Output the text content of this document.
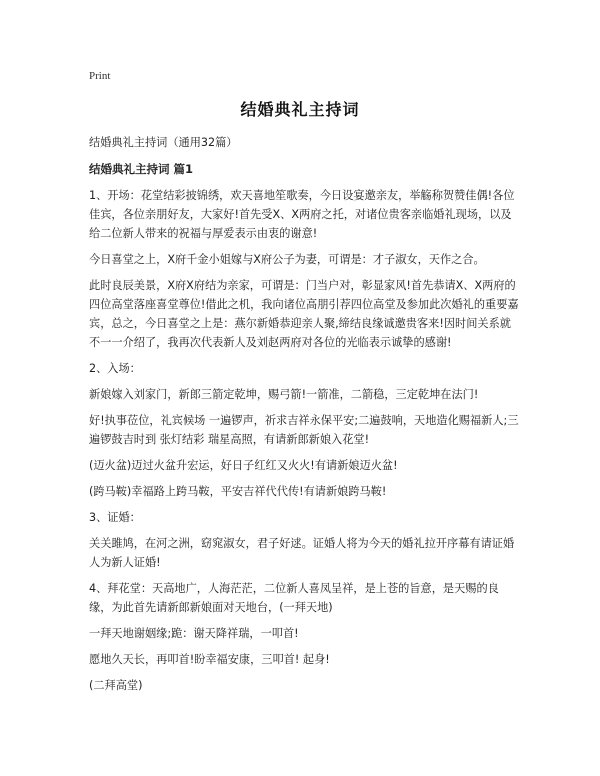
Print
结婚典礼主持词

结婚典礼主持词（通用32篇）

结婚典礼主持词 篇1

1、开场：花堂结彩披锦绣，欢天喜地笙歌奏，今日设宴邀亲友，举觞称贺赞佳偶!各位佳宾，各位亲朋好友，大家好!首先受X、X两府之托，对诸位贵客亲临婚礼现场，以及给二位新人带来的祝福与厚爱表示由衷的谢意!

今日喜堂之上，X府千金小姐嫁与X府公子为妻，可谓是：才子淑女，天作之合。

此时良辰美景，X府X府结为亲家，可谓是：门当户对，彰显家风!首先恭请X、X两府的四位高堂落座喜堂尊位!借此之机，我向诸位高朋引荐四位高堂及参加此次婚礼的重要嘉宾，总之，今日喜堂之上是：燕尔新婚恭迎亲人聚,缔结良缘诚邀贵客来!因时间关系就不一一介绍了，我再次代表新人及刘赵两府对各位的光临表示诚挚的感谢!

2、入场：

新娘嫁入刘家门，新郎三箭定乾坤，赐弓箭!一箭准，二箭稳，三定乾坤在法门!

好!执事莅位，礼宾候场 一遍锣声，祈求吉祥永保平安;二遍鼓响，天地造化赐福新人;三遍锣鼓吉时到 张灯结彩 瑞星高照，有请新郎新娘入花堂!

(迈火盆)迈过火盆升宏运，好日子红红又火火!有请新娘迈火盆!

(跨马鞍)幸福路上跨马鞍，平安吉祥代代传!有请新娘跨马鞍!

3、证婚：

关关雎鸠，在河之洲，窈窕淑女，君子好逑。证婚人将为今天的婚礼拉开序幕有请证婚人为新人证婚!

4、拜花堂：天高地广，人海茫茫，二位新人喜凤呈祥，是上苍的旨意，是天赐的良缘，为此首先请新郎新娘面对天地台，(一拜天地)

一拜天地谢姻缘;跪：谢天降祥瑞，一叩首!

愿地久天长，再叩首!盼幸福安康，三叩首! 起身!

(二拜高堂)
